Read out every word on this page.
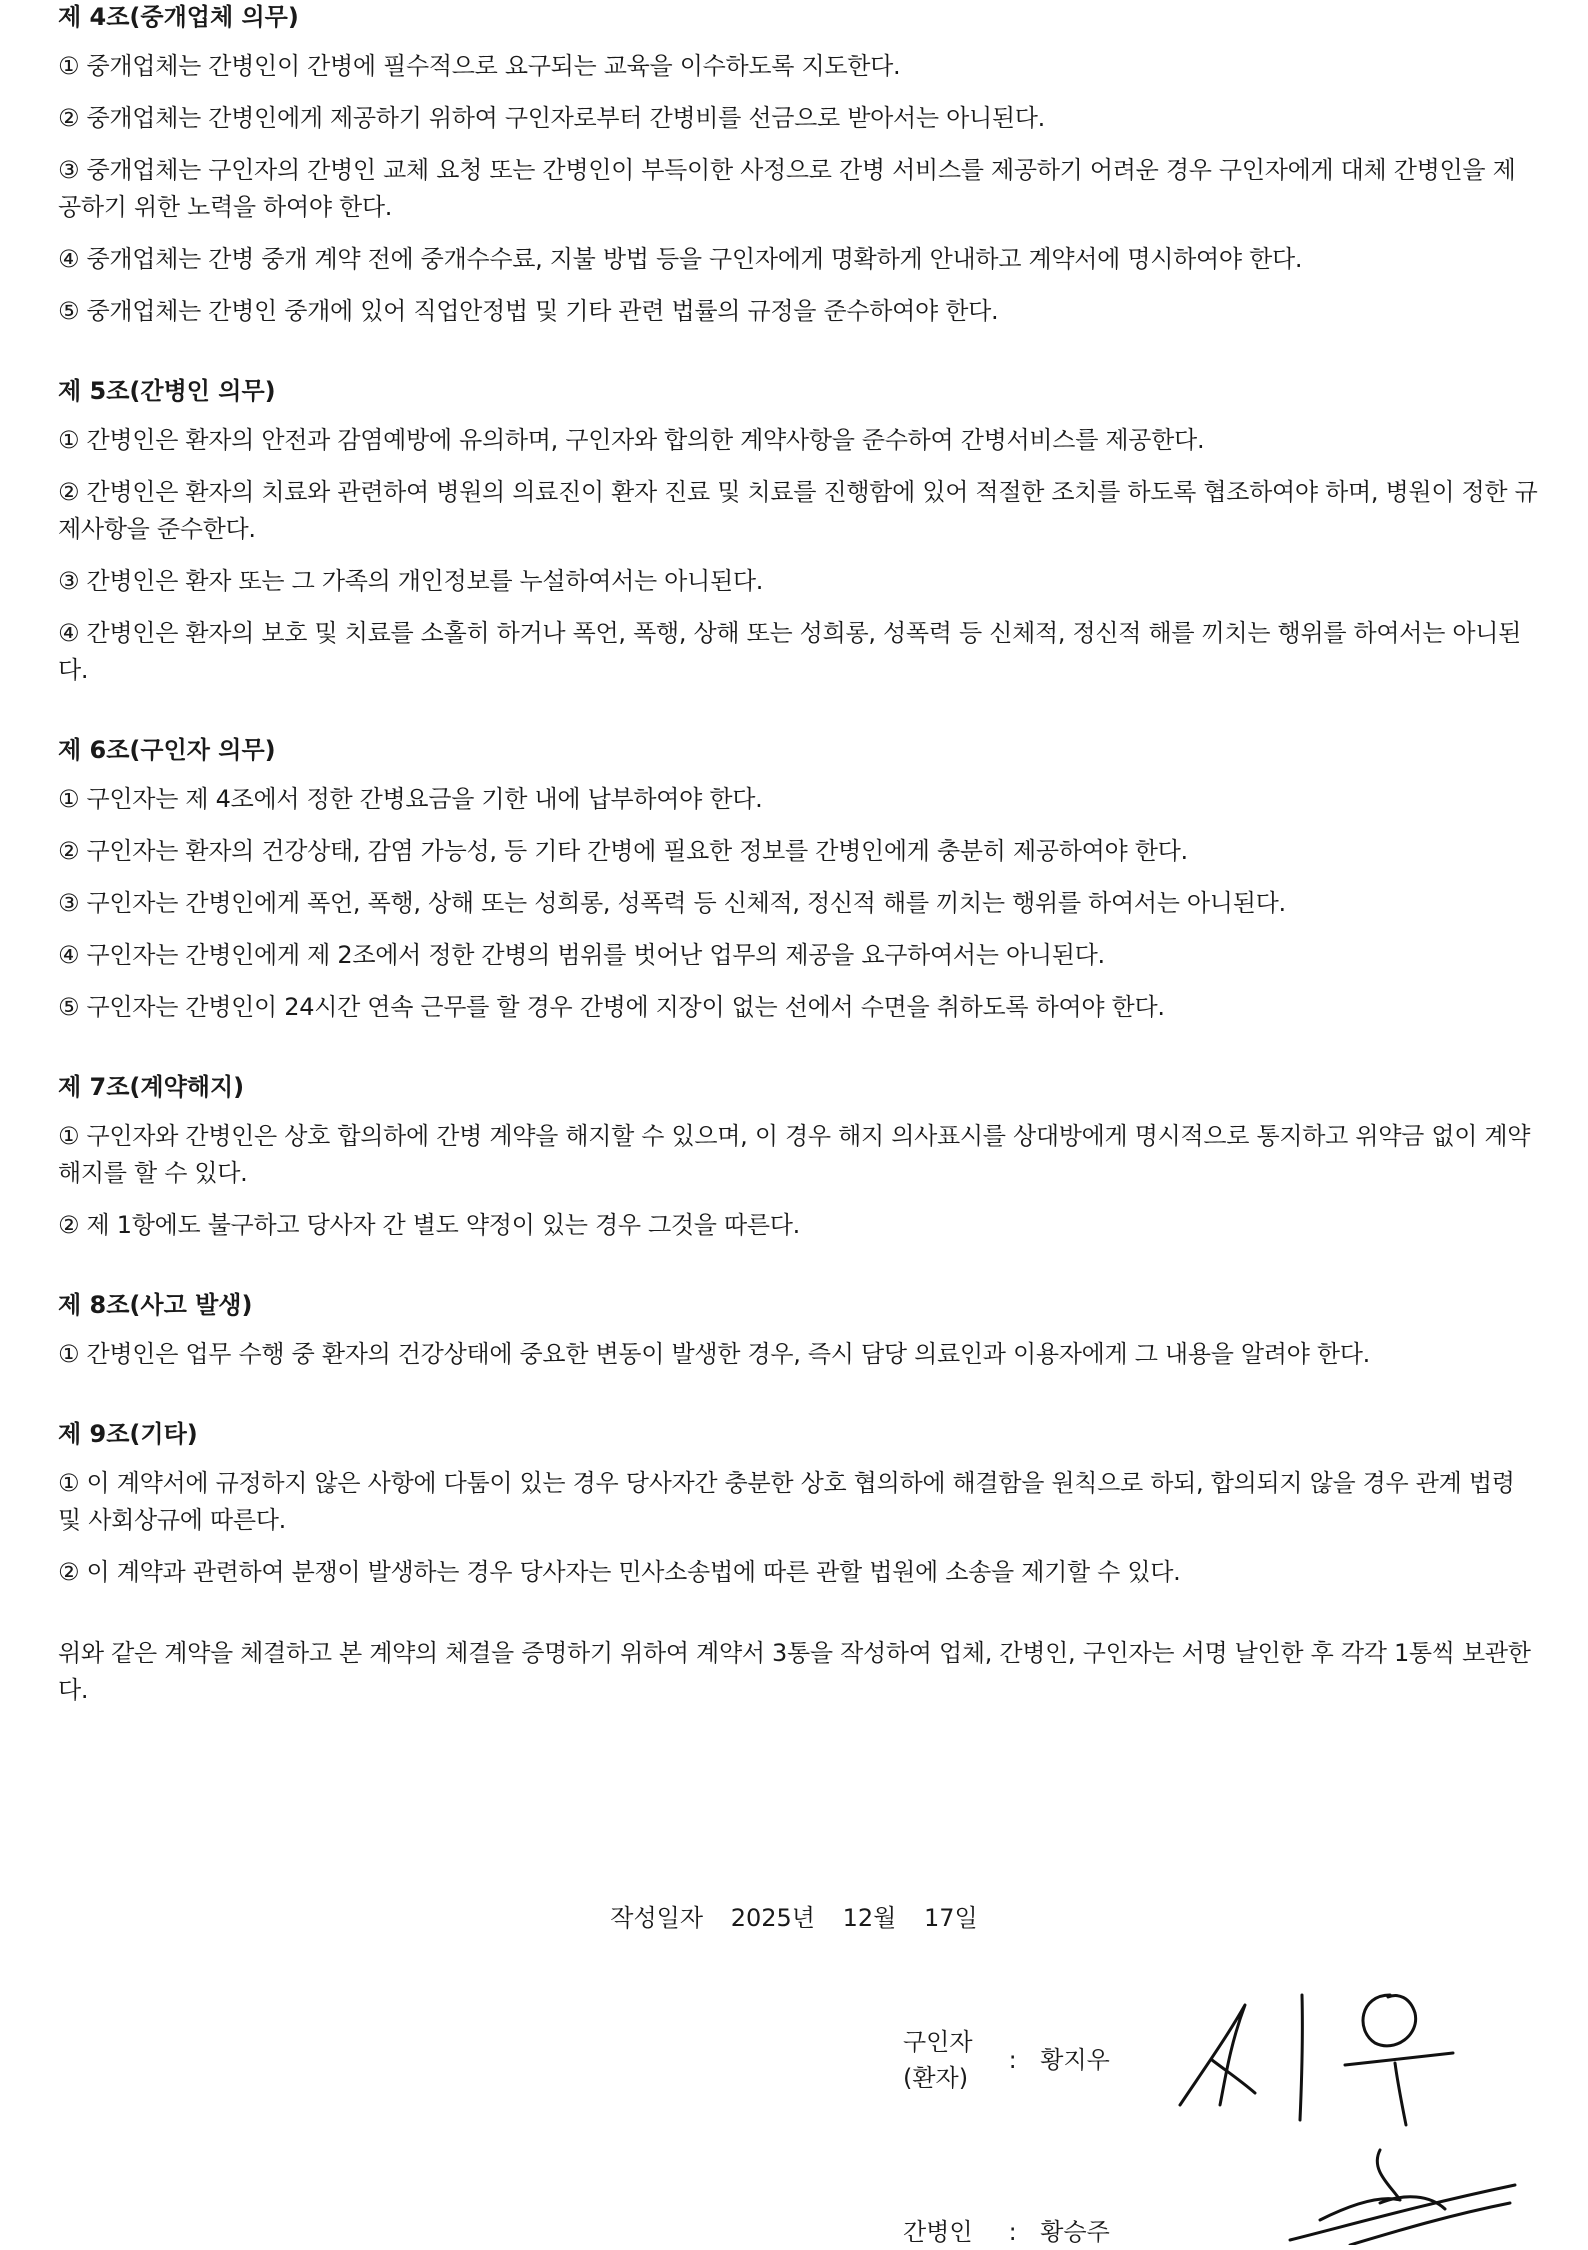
제 4조(중개업체 의무)
① 중개업체는 간병인이 간병에 필수적으로 요구되는 교육을 이수하도록 지도한다.
② 중개업체는 간병인에게 제공하기 위하여 구인자로부터 간병비를 선금으로 받아서는 아니된다.
③ 중개업체는 구인자의 간병인 교체 요청 또는 간병인이 부득이한 사정으로 간병 서비스를 제공하기 어려운 경우 구인자에게 대체 간병인을 제공하기 위한 노력을 하여야 한다.
④ 중개업체는 간병 중개 계약 전에 중개수수료, 지불 방법 등을 구인자에게 명확하게 안내하고 계약서에 명시하여야 한다.
⑤ 중개업체는 간병인 중개에 있어 직업안정법 및 기타 관련 법률의 규정을 준수하여야 한다.
제 5조(간병인 의무)
① 간병인은 환자의 안전과 감염예방에 유의하며, 구인자와 합의한 계약사항을 준수하여 간병서비스를 제공한다.
② 간병인은 환자의 치료와 관련하여 병원의 의료진이 환자 진료 및 치료를 진행함에 있어 적절한 조치를 하도록 협조하여야 하며, 병원이 정한 규제사항을 준수한다.
③ 간병인은 환자 또는 그 가족의 개인정보를 누설하여서는 아니된다.
④ 간병인은 환자의 보호 및 치료를 소홀히 하거나 폭언, 폭행, 상해 또는 성희롱, 성폭력 등 신체적, 정신적 해를 끼치는 행위를 하여서는 아니된다.
제 6조(구인자 의무)
① 구인자는 제 4조에서 정한 간병요금을 기한 내에 납부하여야 한다.
② 구인자는 환자의 건강상태, 감염 가능성, 등 기타 간병에 필요한 정보를 간병인에게 충분히 제공하여야 한다.
③ 구인자는 간병인에게 폭언, 폭행, 상해 또는 성희롱, 성폭력 등 신체적, 정신적 해를 끼치는 행위를 하여서는 아니된다.
④ 구인자는 간병인에게 제 2조에서 정한 간병의 범위를 벗어난 업무의 제공을 요구하여서는 아니된다.
⑤ 구인자는 간병인이 24시간 연속 근무를 할 경우 간병에 지장이 없는 선에서 수면을 취하도록 하여야 한다.
제 7조(계약해지)
① 구인자와 간병인은 상호 합의하에 간병 계약을 해지할 수 있으며, 이 경우 해지 의사표시를 상대방에게 명시적으로 통지하고 위약금 없이 계약해지를 할 수 있다.
② 제 1항에도 불구하고 당사자 간 별도 약정이 있는 경우 그것을 따른다.
제 8조(사고 발생)
① 간병인은 업무 수행 중 환자의 건강상태에 중요한 변동이 발생한 경우, 즉시 담당 의료인과 이용자에게 그 내용을 알려야 한다.
제 9조(기타)
① 이 계약서에 규정하지 않은 사항에 다툼이 있는 경우 당사자간 충분한 상호 협의하에 해결함을 원칙으로 하되, 합의되지 않을 경우 관계 법령 및 사회상규에 따른다.
② 이 계약과 관련하여 분쟁이 발생하는 경우 당사자는 민사소송법에 따른 관할 법원에 소송을 제기할 수 있다.
위와 같은 계약을 체결하고 본 계약의 체결을 증명하기 위하여 계약서 3통을 작성하여 업체, 간병인, 구인자는 서명 날인한 후 각각 1통씩 보관한다.
작성일자 2025년 12월 17일
구인자
(환자) : 황지우
간병인 : 황승주
